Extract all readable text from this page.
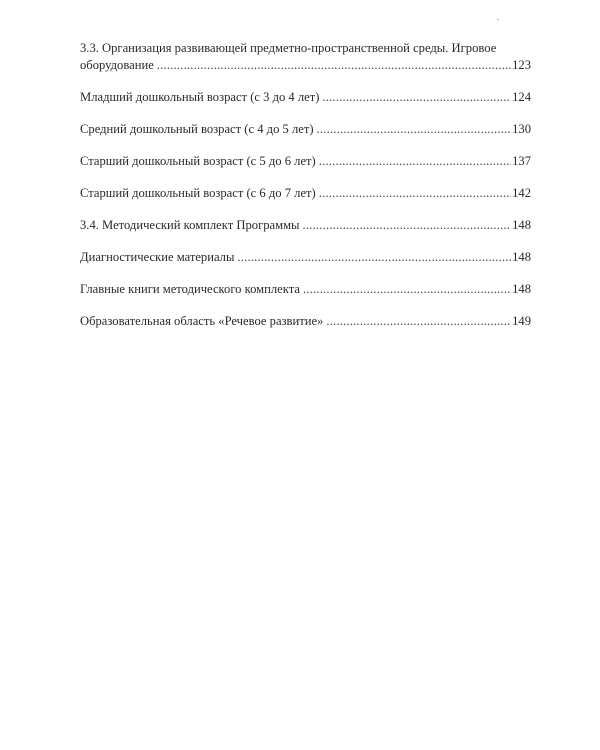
3.3. Организация развивающей предметно-пространственной среды. Игровое
оборудование .....	123
Младший дошкольный возраст (с 3 до 4 лет) .....	124
Средний дошкольный возраст (с 4 до 5 лет) .....	130
Старший дошкольный возраст (с 5 до 6 лет) .....	137
Старший дошкольный возраст (с 6 до 7 лет) .....	142
3.4. Методический комплект Программы .....	148
Диагностические материалы .....	148
Главные книги методического комплекта .....	148
Образовательная область «Речевое развитие» .....	149
